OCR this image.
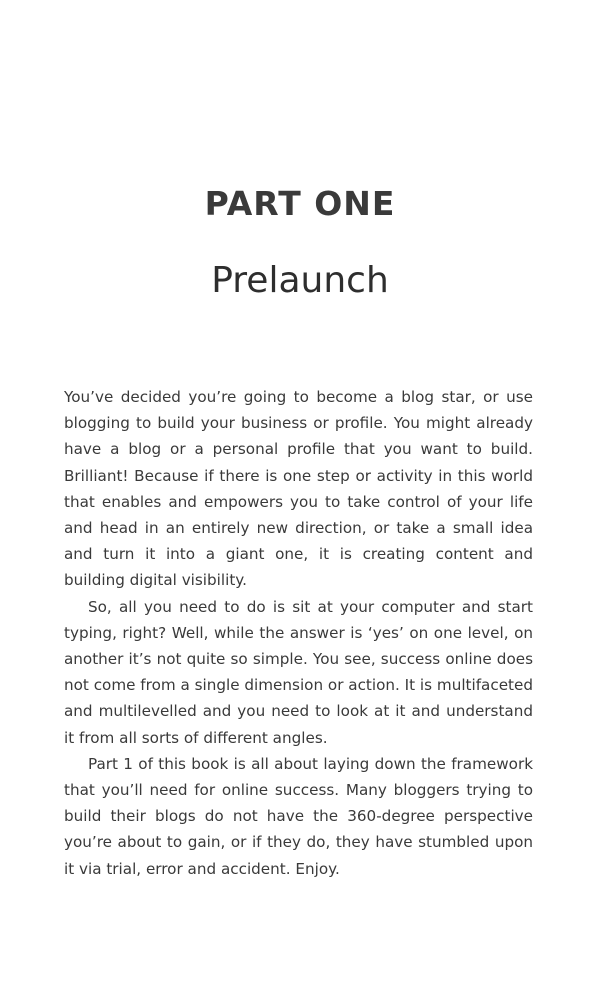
PART ONE
Prelaunch

You’ve decided you’re going to become a blog star, or use blogging to build your business or profile. You might already have a blog or a personal profile that you want to build. Brilliant! Because if there is one step or activity in this world that enables and empowers you to take control of your life and head in an entirely new direction, or take a small idea and turn it into a giant one, it is creating content and building digital visibility.

So, all you need to do is sit at your computer and start typing, right? Well, while the answer is ‘yes’ on one level, on another it’s not quite so simple. You see, success online does not come from a single dimension or action. It is multifaceted and multilevelled and you need to look at it and understand it from all sorts of different angles.

Part 1 of this book is all about laying down the framework that you’ll need for online success. Many bloggers trying to build their blogs do not have the 360-degree perspective you’re about to gain, or if they do, they have stumbled upon it via trial, error and accident. Enjoy.
